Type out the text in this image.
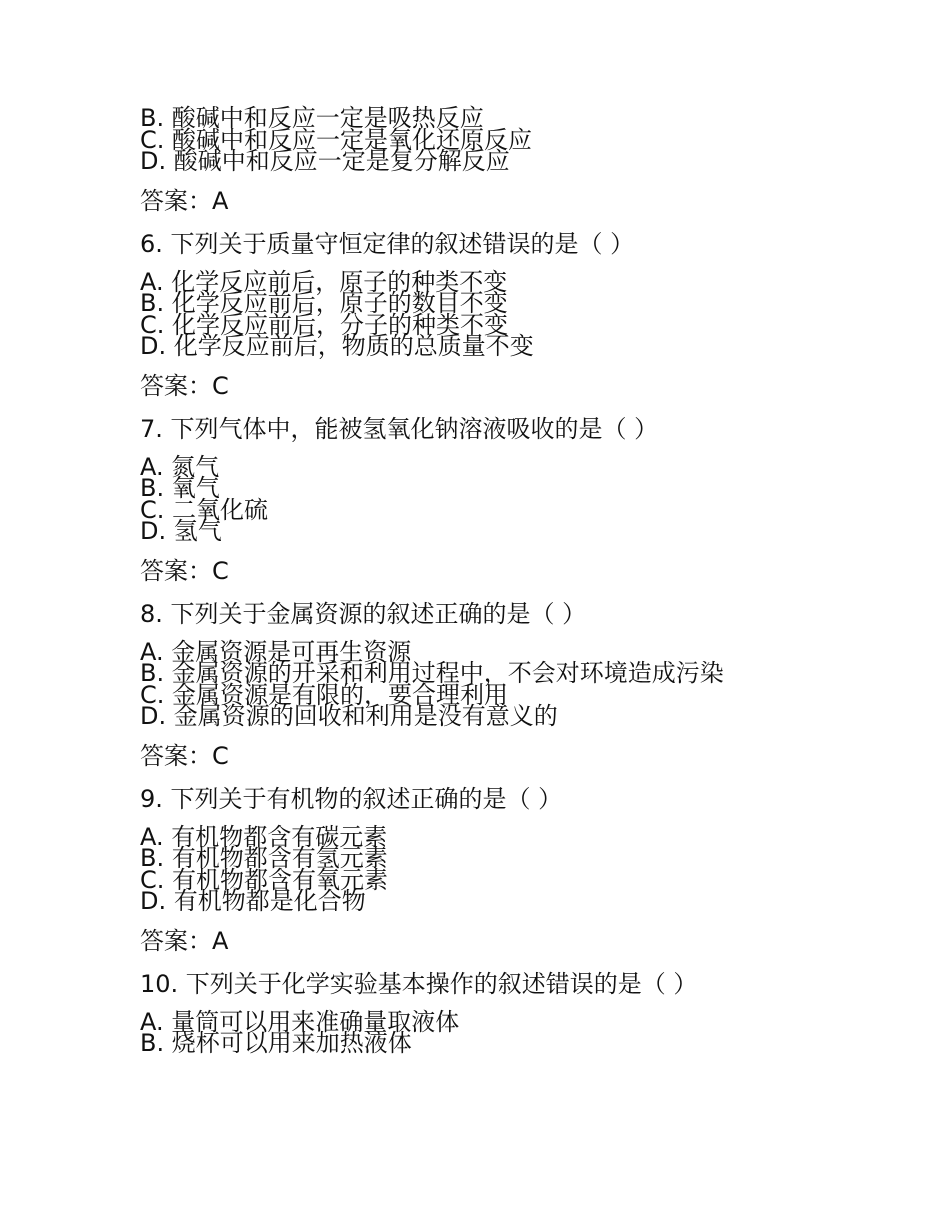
B. 酸碱中和反应一定是吸热反应
C. 酸碱中和反应一定是氧化还原反应
D. 酸碱中和反应一定是复分解反应

答案：A

6. 下列关于质量守恒定律的叙述错误的是（ ）

A. 化学反应前后，原子的种类不变
B. 化学反应前后，原子的数目不变
C. 化学反应前后，分子的种类不变
D. 化学反应前后，物质的总质量不变

答案：C

7. 下列气体中，能被氢氧化钠溶液吸收的是（ ）

A. 氮气
B. 氧气
C. 二氧化硫
D. 氢气

答案：C

8. 下列关于金属资源的叙述正确的是（ ）

A. 金属资源是可再生资源
B. 金属资源的开采和利用过程中，不会对环境造成污染
C. 金属资源是有限的，要合理利用
D. 金属资源的回收和利用是没有意义的

答案：C

9. 下列关于有机物的叙述正确的是（ ）

A. 有机物都含有碳元素
B. 有机物都含有氢元素
C. 有机物都含有氧元素
D. 有机物都是化合物

答案：A

10. 下列关于化学实验基本操作的叙述错误的是（ ）

A. 量筒可以用来准确量取液体
B. 烧杯可以用来加热液体
